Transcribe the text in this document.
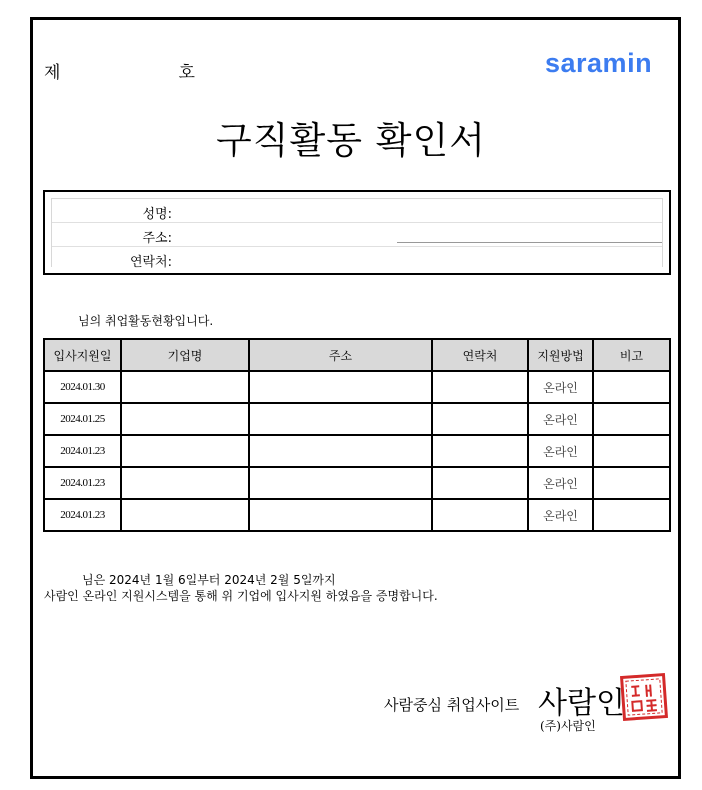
제	호	saramin
구직활동 확인서
성명:
주소:
연락처:
님의 취업활동현황입니다.
입사지원일	기업명	주소	연락처	지원방법	비고
2024.01.30				온라인	
2024.01.25				온라인	
2024.01.23				온라인	
2024.01.23				온라인	
2024.01.23				온라인	
님은 2024년 1월 6일부터 2024년 2월 5일까지
사람인 온라인 지원시스템을 통해 위 기업에 입사지원 하였음을 증명합니다.
사람중심 취업사이트 사람인
(주)사람인
